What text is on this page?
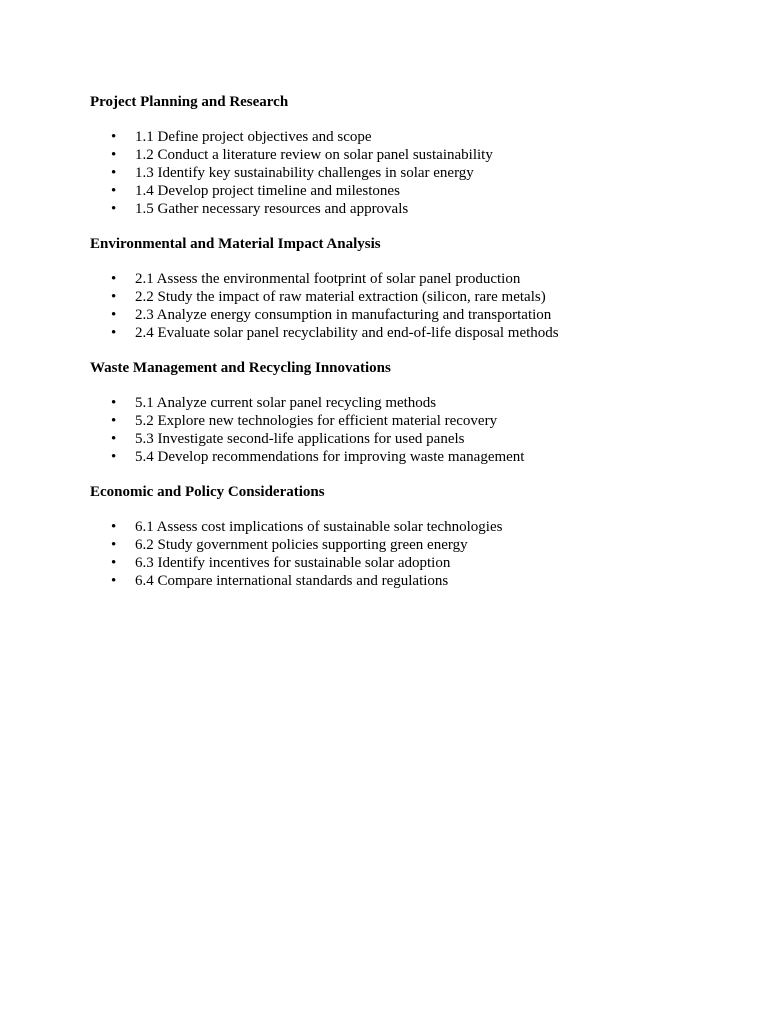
Project Planning and Research

• 1.1 Define project objectives and scope
• 1.2 Conduct a literature review on solar panel sustainability
• 1.3 Identify key sustainability challenges in solar energy
• 1.4 Develop project timeline and milestones
• 1.5 Gather necessary resources and approvals

Environmental and Material Impact Analysis

• 2.1 Assess the environmental footprint of solar panel production
• 2.2 Study the impact of raw material extraction (silicon, rare metals)
• 2.3 Analyze energy consumption in manufacturing and transportation
• 2.4 Evaluate solar panel recyclability and end-of-life disposal methods

Waste Management and Recycling Innovations

• 5.1 Analyze current solar panel recycling methods
• 5.2 Explore new technologies for efficient material recovery
• 5.3 Investigate second-life applications for used panels
• 5.4 Develop recommendations for improving waste management

Economic and Policy Considerations

• 6.1 Assess cost implications of sustainable solar technologies
• 6.2 Study government policies supporting green energy
• 6.3 Identify incentives for sustainable solar adoption
• 6.4 Compare international standards and regulations
